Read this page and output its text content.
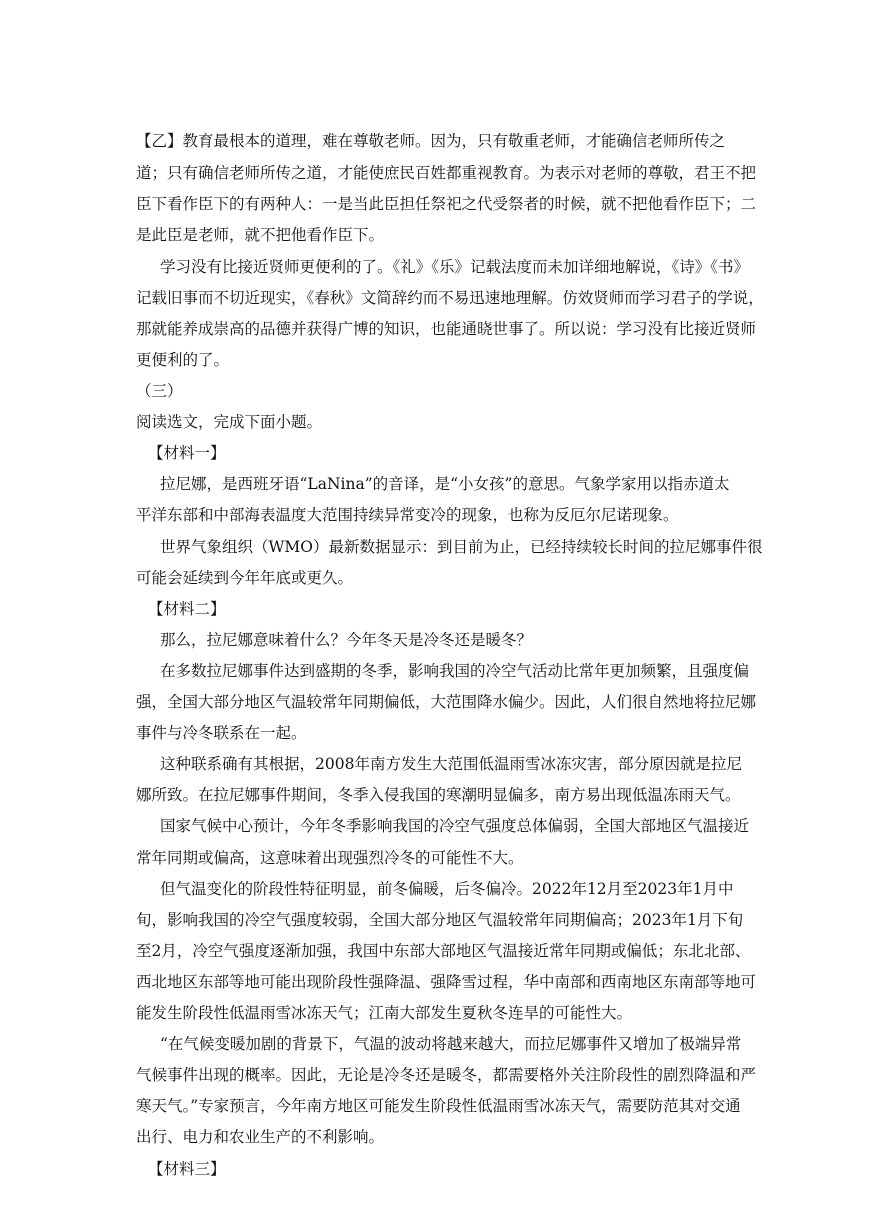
【乙】教育最根本的道理，难在尊敬老师。因为，只有敬重老师，才能确信老师所传之
道；只有确信老师所传之道，才能使庶民百姓都重视教育。为表示对老师的尊敬，君王不把
臣下看作臣下的有两种人：一是当此臣担任祭祀之代受祭者的时候，就不把他看作臣下；二
是此臣是老师，就不把他看作臣下。
学习没有比接近贤师更便利的了。《礼》《乐》记载法度而未加详细地解说，《诗》《书》
记载旧事而不切近现实，《春秋》文简辞约而不易迅速地理解。仿效贤师而学习君子的学说，
那就能养成崇高的品德并获得广博的知识，也能通晓世事了。所以说：学习没有比接近贤师
更便利的了。
（三）
阅读选文，完成下面小题。
【材料一】
拉尼娜，是西班牙语“LaNina”的音译，是“小女孩”的意思。气象学家用以指赤道太
平洋东部和中部海表温度大范围持续异常变冷的现象，也称为反厄尔尼诺现象。
世界气象组织（WMO）最新数据显示：到目前为止，已经持续较长时间的拉尼娜事件很
可能会延续到今年年底或更久。
【材料二】
那么，拉尼娜意味着什么？今年冬天是冷冬还是暖冬？
在多数拉尼娜事件达到盛期的冬季，影响我国的冷空气活动比常年更加频繁，且强度偏
强，全国大部分地区气温较常年同期偏低，大范围降水偏少。因此，人们很自然地将拉尼娜
事件与冷冬联系在一起。
这种联系确有其根据，2008年南方发生大范围低温雨雪冰冻灾害，部分原因就是拉尼
娜所致。在拉尼娜事件期间，冬季入侵我国的寒潮明显偏多，南方易出现低温冻雨天气。
国家气候中心预计，今年冬季影响我国的冷空气强度总体偏弱，全国大部地区气温接近
常年同期或偏高，这意味着出现强烈冷冬的可能性不大。
但气温变化的阶段性特征明显，前冬偏暖，后冬偏冷。2022年12月至2023年1月中
旬，影响我国的冷空气强度较弱，全国大部分地区气温较常年同期偏高；2023年1月下旬
至2月，冷空气强度逐渐加强，我国中东部大部地区气温接近常年同期或偏低；东北北部、
西北地区东部等地可能出现阶段性强降温、强降雪过程，华中南部和西南地区东南部等地可
能发生阶段性低温雨雪冰冻天气；江南大部发生夏秋冬连旱的可能性大。
“在气候变暖加剧的背景下，气温的波动将越来越大，而拉尼娜事件又增加了极端异常
气候事件出现的概率。因此，无论是冷冬还是暖冬，都需要格外关注阶段性的剧烈降温和严
寒天气。”专家预言，今年南方地区可能发生阶段性低温雨雪冰冻天气，需要防范其对交通
出行、电力和农业生产的不利影响。
【材料三】
